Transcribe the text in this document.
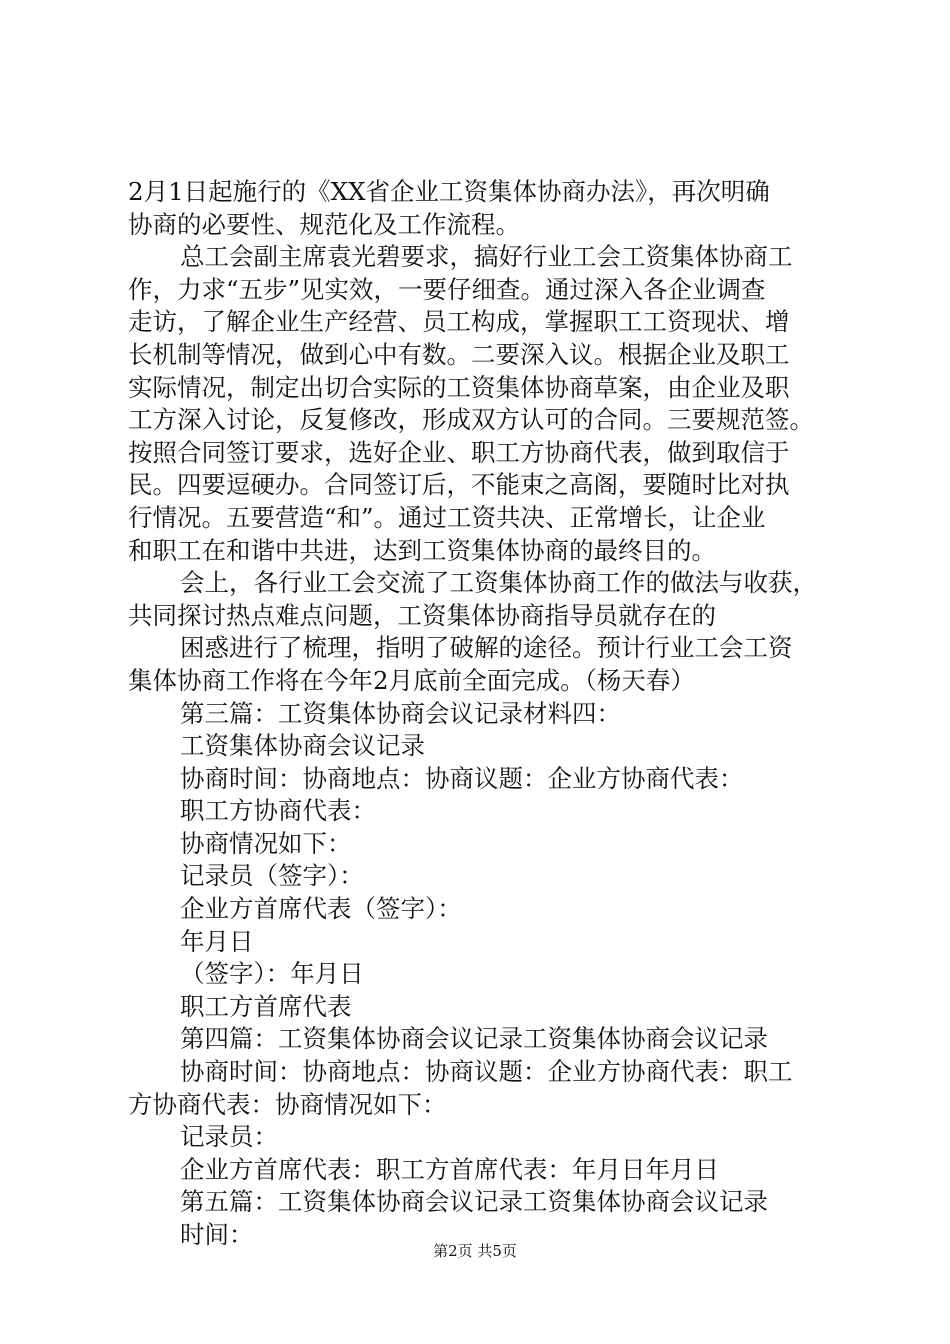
2月1日起施行的《XX省企业工资集体协商办法》，再次明确
协商的必要性、规范化及工作流程。
总工会副主席袁光碧要求，搞好行业工会工资集体协商工
作，力求“五步”见实效，一要仔细查。通过深入各企业调查
走访，了解企业生产经营、员工构成，掌握职工工资现状、增
长机制等情况，做到心中有数。二要深入议。根据企业及职工
实际情况，制定出切合实际的工资集体协商草案，由企业及职
工方深入讨论，反复修改，形成双方认可的合同。三要规范签。
按照合同签订要求，选好企业、职工方协商代表，做到取信于
民。四要逗硬办。合同签订后，不能束之高阁，要随时比对执
行情况。五要营造“和”。通过工资共决、正常增长，让企业
和职工在和谐中共进，达到工资集体协商的最终目的。
会上，各行业工会交流了工资集体协商工作的做法与收获，
共同探讨热点难点问题，工资集体协商指导员就存在的
困惑进行了梳理，指明了破解的途径。预计行业工会工资
集体协商工作将在今年2月底前全面完成。（杨天春）
第三篇：工资集体协商会议记录材料四：
工资集体协商会议记录
协商时间：协商地点：协商议题：企业方协商代表：
职工方协商代表：
协商情况如下：
记录员（签字）：
企业方首席代表（签字）：
年月日
（签字）：年月日
职工方首席代表
第四篇：工资集体协商会议记录工资集体协商会议记录
协商时间：协商地点：协商议题：企业方协商代表：职工
方协商代表：协商情况如下：
记录员：
企业方首席代表：职工方首席代表：年月日年月日
第五篇：工资集体协商会议记录工资集体协商会议记录
时间：
第2页 共5页
